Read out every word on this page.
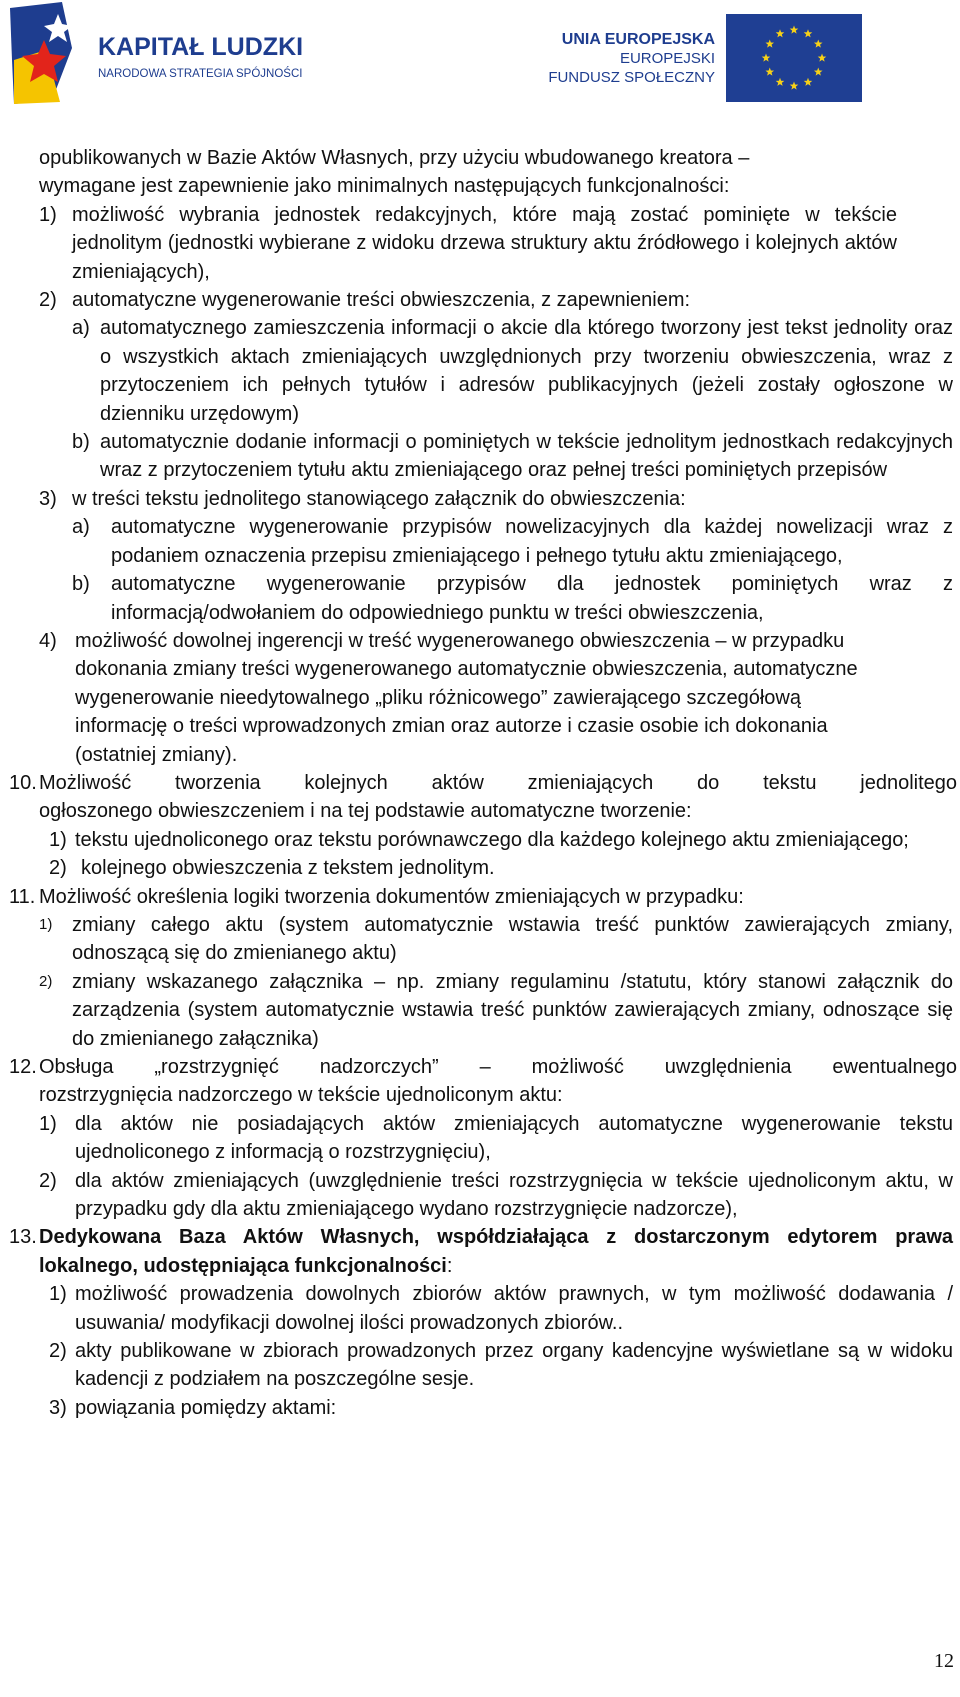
KAPITAŁ LUDZKI
NARODOWA STRATEGIA SPÓJNOŚCI
UNIA EUROPEJSKA
EUROPEJSKI
FUNDUSZ SPOŁECZNY

opublikowanych w Bazie Aktów Własnych, przy użyciu wbudowanego kreatora –

wymagane jest zapewnienie jako minimalnych następujących funkcjonalności:

1) możliwość wybrania jednostek redakcyjnych, które mają zostać pominięte w tekście jednolitym (jednostki wybierane z widoku drzewa struktury aktu źródłowego i kolejnych aktów zmieniających),
2) automatyczne wygenerowanie treści obwieszczenia, z zapewnieniem:
a) automatycznego zamieszczenia informacji o akcie dla którego tworzony jest tekst jednolity oraz o wszystkich aktach zmieniających uwzględnionych przy tworzeniu obwieszczenia, wraz z przytoczeniem ich pełnych tytułów i adresów publikacyjnych (jeżeli zostały ogłoszone w dzienniku urzędowym)
b) automatycznie dodanie informacji o pominiętych w tekście jednolitym jednostkach redakcyjnych wraz z przytoczeniem tytułu aktu zmieniającego oraz pełnej treści pominiętych przepisów
3) w treści tekstu jednolitego stanowiącego załącznik do obwieszczenia:
a)	automatyczne wygenerowanie przypisów nowelizacyjnych dla każdej nowelizacji wraz z podaniem oznaczenia przepisu zmieniającego i pełnego tytułu aktu zmieniającego,
b)	automatyczne wygenerowanie przypisów dla jednostek pominiętych wraz z informacją/odwołaniem do odpowiedniego punktu w treści obwieszczenia,
4) możliwość dowolnej ingerencji w treść wygenerowanego obwieszczenia – w przypadku dokonania zmiany treści wygenerowanego automatycznie obwieszczenia, automatyczne wygenerowanie nieedytowalnego „pliku różnicowego” zawierającego szczegółową informację o treści wprowadzonych zmian oraz autorze i czasie osobie ich dokonania (ostatniej zmiany).
10. Możliwość tworzenia kolejnych aktów zmieniających do tekstu jednolitego

ogłoszonego obwieszczeniem i na tej podstawie automatyczne tworzenie:

1) tekstu ujednoliconego oraz tekstu porównawczego dla każdego kolejnego aktu zmieniającego;
2) kolejnego obwieszczenia z tekstem jednolitym.
11. Możliwość określenia logiki tworzenia dokumentów zmieniających w przypadku:
1) zmiany całego aktu (system automatycznie wstawia treść punktów zawierających zmiany, odnoszącą się do zmienianego aktu)
2) zmiany wskazanego załącznika – np. zmiany regulaminu /statutu, który stanowi załącznik do zarządzenia (system automatycznie wstawia treść punktów zawierających zmiany, odnoszące się do zmienianego załącznika)
12. Obsługa „rozstrzygnięć nadzorczych” – możliwość uwzględnienia ewentualnego

rozstrzygnięcia nadzorczego w tekście ujednoliconym aktu:

1) dla aktów nie posiadających aktów zmieniających automatyczne wygenerowanie tekstu ujednoliconego z informacją o rozstrzygnięciu),
2) dla aktów zmieniających (uwzględnienie treści rozstrzygnięcia w tekście ujednoliconym aktu, w przypadku gdy dla aktu zmieniającego wydano rozstrzygnięcie nadzorcze),
13. Dedykowana Baza Aktów Własnych, współdziałająca z dostarczonym edytorem prawa lokalnego, udostępniająca funkcjonalności:
1) możliwość prowadzenia dowolnych zbiorów aktów prawnych, w tym możliwość dodawania / usuwania/ modyfikacji dowolnej ilości prowadzonych zbiorów..
2) akty publikowane w zbiorach prowadzonych przez organy kadencyjne wyświetlane są w widoku kadencji z podziałem na poszczególne sesje.
3) powiązania pomiędzy aktami:
12
